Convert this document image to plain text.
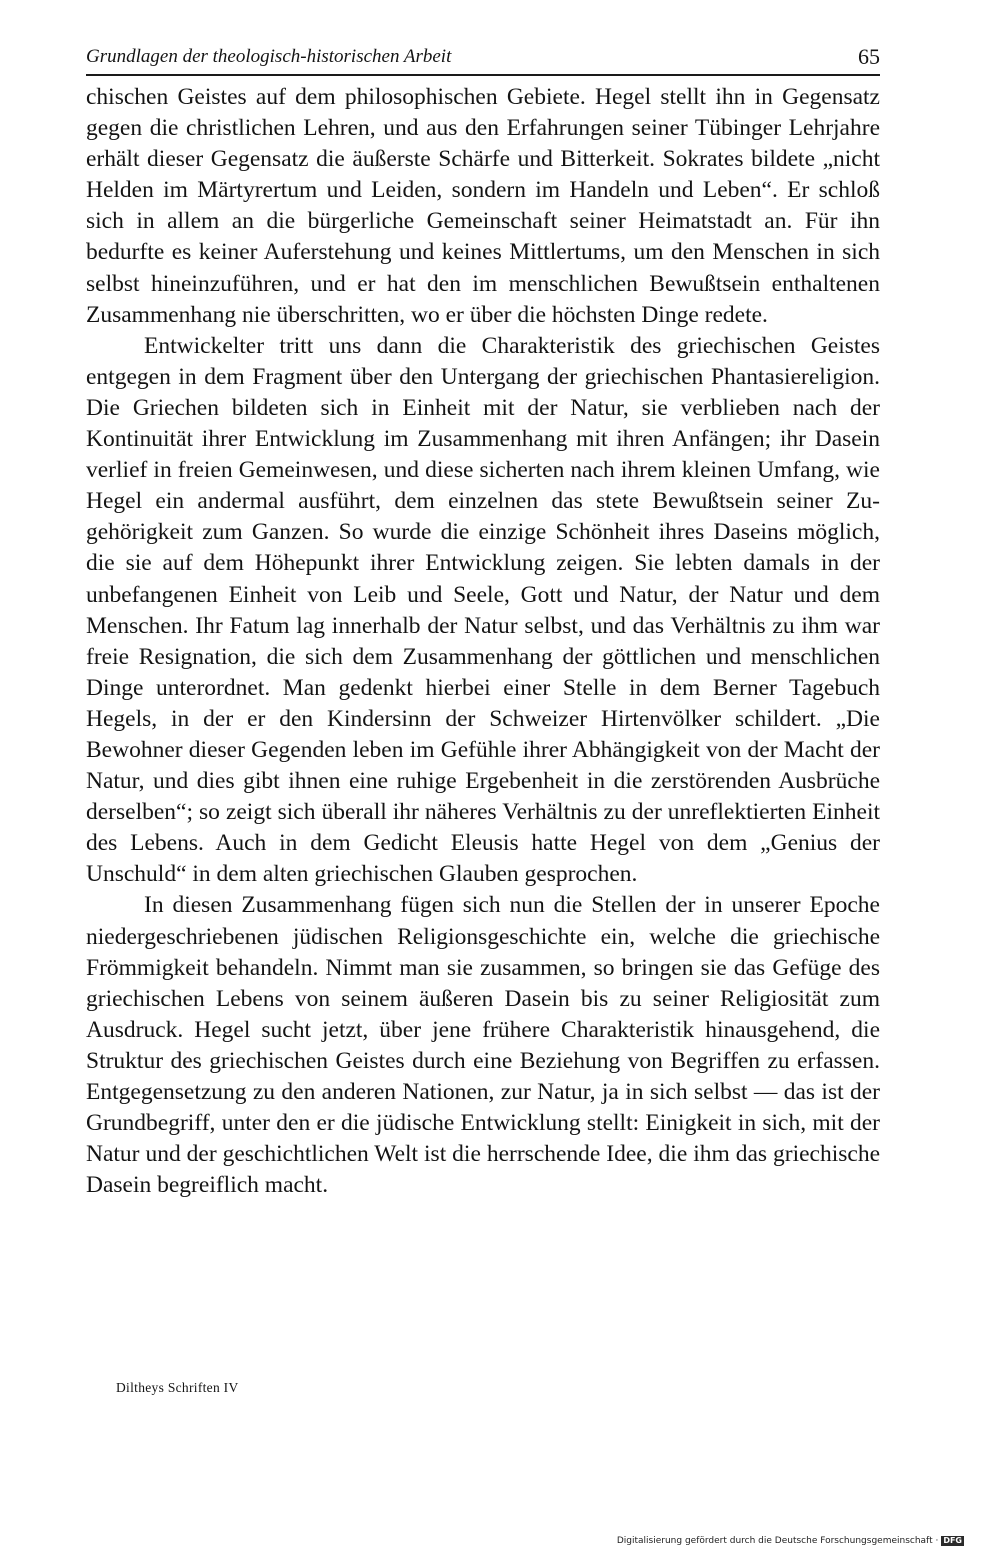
Grundlagen der theologisch-historischen Arbeit	65

chischen Geistes auf dem philosophischen Gebiete. Hegel stellt ihn in Gegensatz gegen die christlichen Lehren, und aus den Erfahrungen seiner Tübinger Lehrjahre erhält dieser Gegensatz die äußerste Schärfe und Bitterkeit. Sokrates bildete „nicht Helden im Märtyrertum und Leiden, sondern im Handeln und Leben“. Er schloß sich in allem an die bürgerliche Gemeinschaft seiner Heimatstadt an. Für ihn bedurfte es keiner Auferstehung und keines Mittlertums, um den Menschen in sich selbst hineinzuführen, und er hat den im menschlichen Bewußtsein enthaltenen Zusammenhang nie überschritten, wo er über die höchsten Dinge redete.

Entwickelter tritt uns dann die Charakteristik des griechischen Geistes entgegen in dem Fragment über den Untergang der griechischen Phantasiereligion. Die Griechen bildeten sich in Einheit mit der Natur, sie verblieben nach der Kontinuität ihrer Entwicklung im Zusammenhang mit ihren Anfängen; ihr Dasein verlief in freien Gemeinwesen, und diese sicherten nach ihrem kleinen Umfang, wie Hegel ein andermal ausführt, dem einzelnen das stete Bewußtsein seiner Zugehörigkeit zum Ganzen. So wurde die einzige Schönheit ihres Daseins möglich, die sie auf dem Höhepunkt ihrer Entwicklung zeigen. Sie lebten damals in der unbefangenen Einheit von Leib und Seele, Gott und Natur, der Natur und dem Menschen. Ihr Fatum lag innerhalb der Natur selbst, und das Verhältnis zu ihm war freie Resignation, die sich dem Zusammenhang der göttlichen und menschlichen Dinge unterordnet. Man gedenkt hierbei einer Stelle in dem Berner Tagebuch Hegels, in der er den Kindersinn der Schweizer Hirtenvölker schildert. „Die Bewohner dieser Gegenden leben im Gefühle ihrer Abhängigkeit von der Macht der Natur, und dies gibt ihnen eine ruhige Ergebenheit in die zerstörenden Ausbrüche derselben“; so zeigt sich überall ihr näheres Verhältnis zu der unreflektierten Einheit des Lebens. Auch in dem Gedicht Eleusis hatte Hegel von dem „Genius der Unschuld“ in dem alten griechischen Glauben gesprochen.

In diesen Zusammenhang fügen sich nun die Stellen der in unserer Epoche niedergeschriebenen jüdischen Religionsgeschichte ein, welche die griechische Frömmigkeit behandeln. Nimmt man sie zusammen, so bringen sie das Gefüge des griechischen Lebens von seinem äußeren Dasein bis zu seiner Religiosität zum Ausdruck. Hegel sucht jetzt, über jene frühere Charakteristik hinausgehend, die Struktur des griechischen Geistes durch eine Beziehung von Begriffen zu erfassen. Entgegensetzung zu den anderen Nationen, zur Natur, ja in sich selbst — das ist der Grundbegriff, unter den er die jüdische Entwicklung stellt: Einigkeit in sich, mit der Natur und der geschichtlichen Welt ist die herrschende Idee, die ihm das griechische Dasein begreiflich macht.

Diltheys Schriften IV
Digitalisierung gefördert durch die Deutsche Forschungsgemeinschaft · DFG
